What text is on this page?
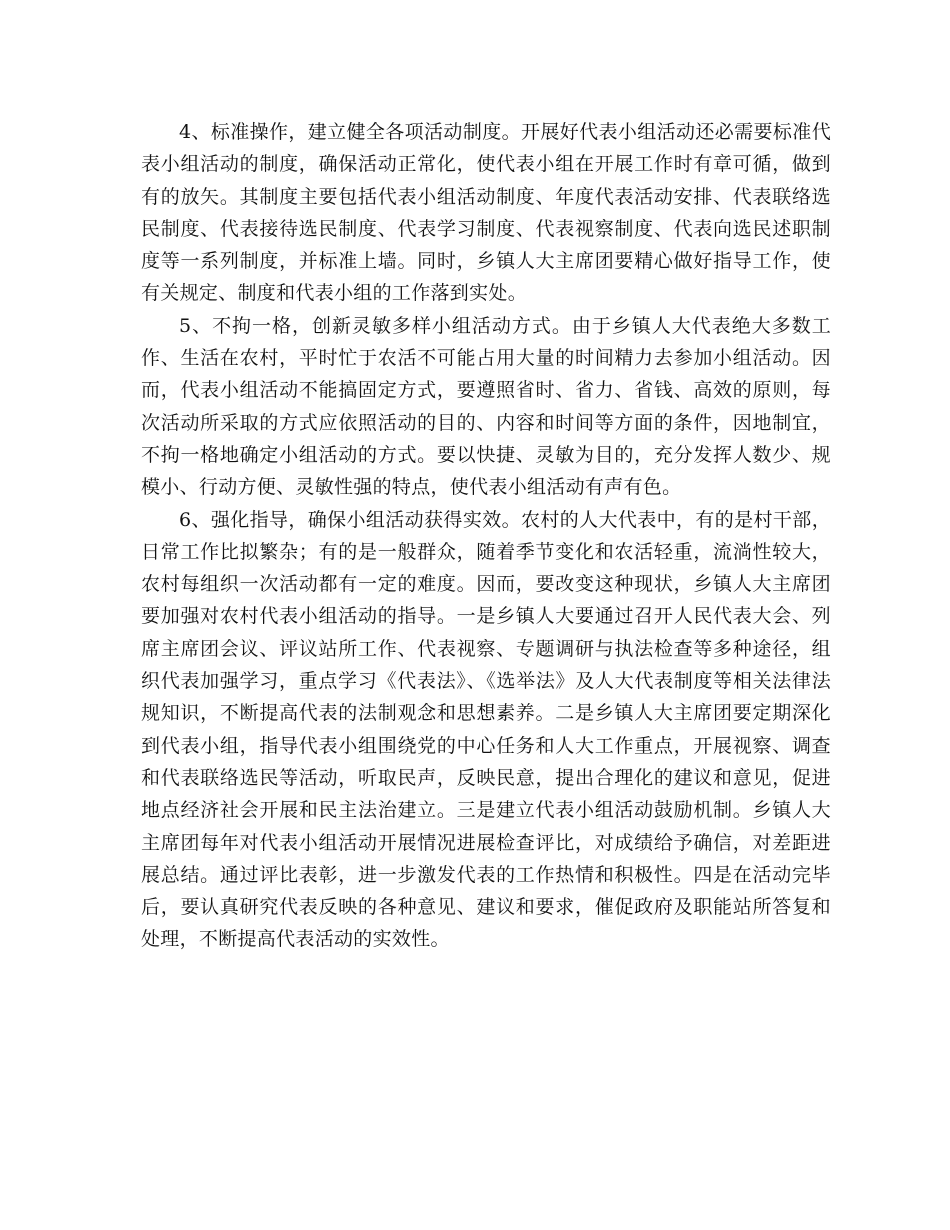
4、标准操作，建立健全各项活动制度。开展好代表小组活动还必需要标准代表小组活动的制度，确保活动正常化，使代表小组在开展工作时有章可循，做到有的放矢。其制度主要包括代表小组活动制度、年度代表活动安排、代表联络选民制度、代表接待选民制度、代表学习制度、代表视察制度、代表向选民述职制度等一系列制度，并标准上墙。同时，乡镇人大主席团要精心做好指导工作，使有关规定、制度和代表小组的工作落到实处。

5、不拘一格，创新灵敏多样小组活动方式。由于乡镇人大代表绝大多数工作、生活在农村，平时忙于农活不可能占用大量的时间精力去参加小组活动。因而，代表小组活动不能搞固定方式，要遵照省时、省力、省钱、高效的原则，每次活动所采取的方式应依照活动的目的、内容和时间等方面的条件，因地制宜，不拘一格地确定小组活动的方式。要以快捷、灵敏为目的，充分发挥人数少、规模小、行动方便、灵敏性强的特点，使代表小组活动有声有色。

6、强化指导，确保小组活动获得实效。农村的人大代表中，有的是村干部，日常工作比拟繁杂；有的是一般群众，随着季节变化和农活轻重，流淌性较大，农村每组织一次活动都有一定的难度。因而，要改变这种现状，乡镇人大主席团要加强对农村代表小组活动的指导。一是乡镇人大要通过召开人民代表大会、列席主席团会议、评议站所工作、代表视察、专题调研与执法检查等多种途径，组织代表加强学习，重点学习《代表法》、《选举法》及人大代表制度等相关法律法规知识，不断提高代表的法制观念和思想素养。二是乡镇人大主席团要定期深化到代表小组，指导代表小组围绕党的中心任务和人大工作重点，开展视察、调查和代表联络选民等活动，听取民声，反映民意，提出合理化的建议和意见，促进地点经济社会开展和民主法治建立。三是建立代表小组活动鼓励机制。乡镇人大主席团每年对代表小组活动开展情况进展检查评比，对成绩给予确信，对差距进展总结。通过评比表彰，进一步激发代表的工作热情和积极性。四是在活动完毕后，要认真研究代表反映的各种意见、建议和要求，催促政府及职能站所答复和处理，不断提高代表活动的实效性。
